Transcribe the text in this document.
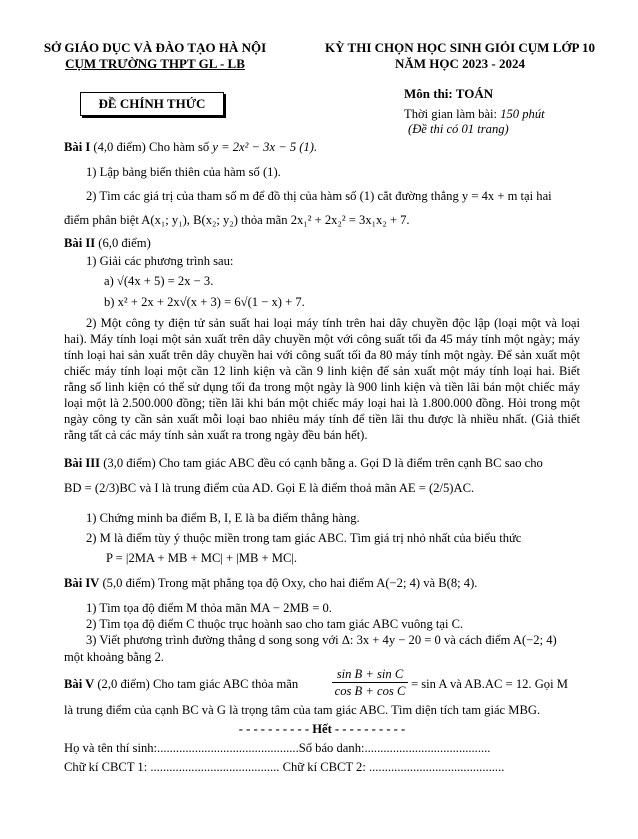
SỞ GIÁO DỤC VÀ ĐÀO TẠO HÀ NỘI
CỤM TRƯỜNG THPT GL - LB
KỲ THI CHỌN HỌC SINH GIỎI CỤM LỚP 10
NĂM HỌC 2023 - 2024
ĐỀ CHÍNH THỨC
Môn thi: TOÁN
Thời gian làm bài: 150 phút
(Đề thi có 01 trang)
Bài I (4,0 điểm) Cho hàm số y = 2x² − 3x − 5 (1).
1) Lập bảng biến thiên của hàm số (1).
2) Tìm các giá trị của tham số m để đồ thị của hàm số (1) cắt đường thẳng y = 4x + m tại hai
điểm phân biệt A(x₁; y₁), B(x₂; y₂) thỏa mãn 2x₁² + 2x₂² = 3x₁x₂ + 7.
Bài II (6,0 điểm)
1) Giải các phương trình sau:
a) √(4x + 5) = 2x − 3.
b) x² + 2x + 2x√(x + 3) = 6√(1 − x) + 7.
2) Một công ty điện tử sản suất hai loại máy tính trên hai dây chuyền độc lập (loại một và loại hai). Máy tính loại một sản xuất trên dây chuyền một với công suất tối đa 45 máy tính một ngày; máy tính loại hai sản xuất trên dây chuyền hai với công suất tối đa 80 máy tính một ngày. Để sản xuất một chiếc máy tính loại một cần 12 linh kiện và cần 9 linh kiện để sản xuất một máy tính loại hai. Biết rằng số linh kiện có thể sử dụng tối đa trong một ngày là 900 linh kiện và tiền lãi bán một chiếc máy loại một là 2.500.000 đồng; tiền lãi khi bán một chiếc máy loại hai là 1.800.000 đồng. Hỏi trong một ngày công ty cần sản xuất mỗi loại bao nhiêu máy tính để tiền lãi thu được là nhiều nhất. (Giả thiết rằng tất cả các máy tính sản xuất ra trong ngày đều bán hết).
Bài III (3,0 điểm) Cho tam giác ABC đều có cạnh bằng a. Gọi D là điểm trên cạnh BC sao cho
BD = (2/3)BC và I là trung điểm của AD. Gọi E là điểm thoả mãn AE = (2/5)AC.
1) Chứng minh ba điểm B, I, E là ba điểm thẳng hàng.
2) M là điểm tùy ý thuộc miền trong tam giác ABC. Tìm giá trị nhỏ nhất của biểu thức
P = |2MA + MB + MC| + |MB + MC|.
Bài IV (5,0 điểm) Trong mặt phẳng tọa độ Oxy, cho hai điểm A(−2; 4) và B(8; 4).
1) Tìm tọa độ điểm M thỏa mãn MA − 2MB = 0.
2) Tìm tọa độ điểm C thuộc trục hoành sao cho tam giác ABC vuông tại C.
3) Viết phương trình đường thẳng d song song với Δ: 3x + 4y − 20 = 0 và cách điểm A(−2; 4)
một khoảng bằng 2.
Bài V (2,0 điểm) Cho tam giác ABC thỏa mãn
sin B + sin C
cos B + cos C = sin A và AB.AC = 12. Gọi M
là trung điểm của cạnh BC và G là trọng tâm của tam giác ABC. Tìm diện tích tam giác MBG.
- - - - - - - - - - Hết - - - - - - - - - -
Họ và tên thí sinh:.............................................Số báo danh:........................................
Chữ kí CBCT 1: ......................................... Chữ kí CBCT 2: ...........................................
